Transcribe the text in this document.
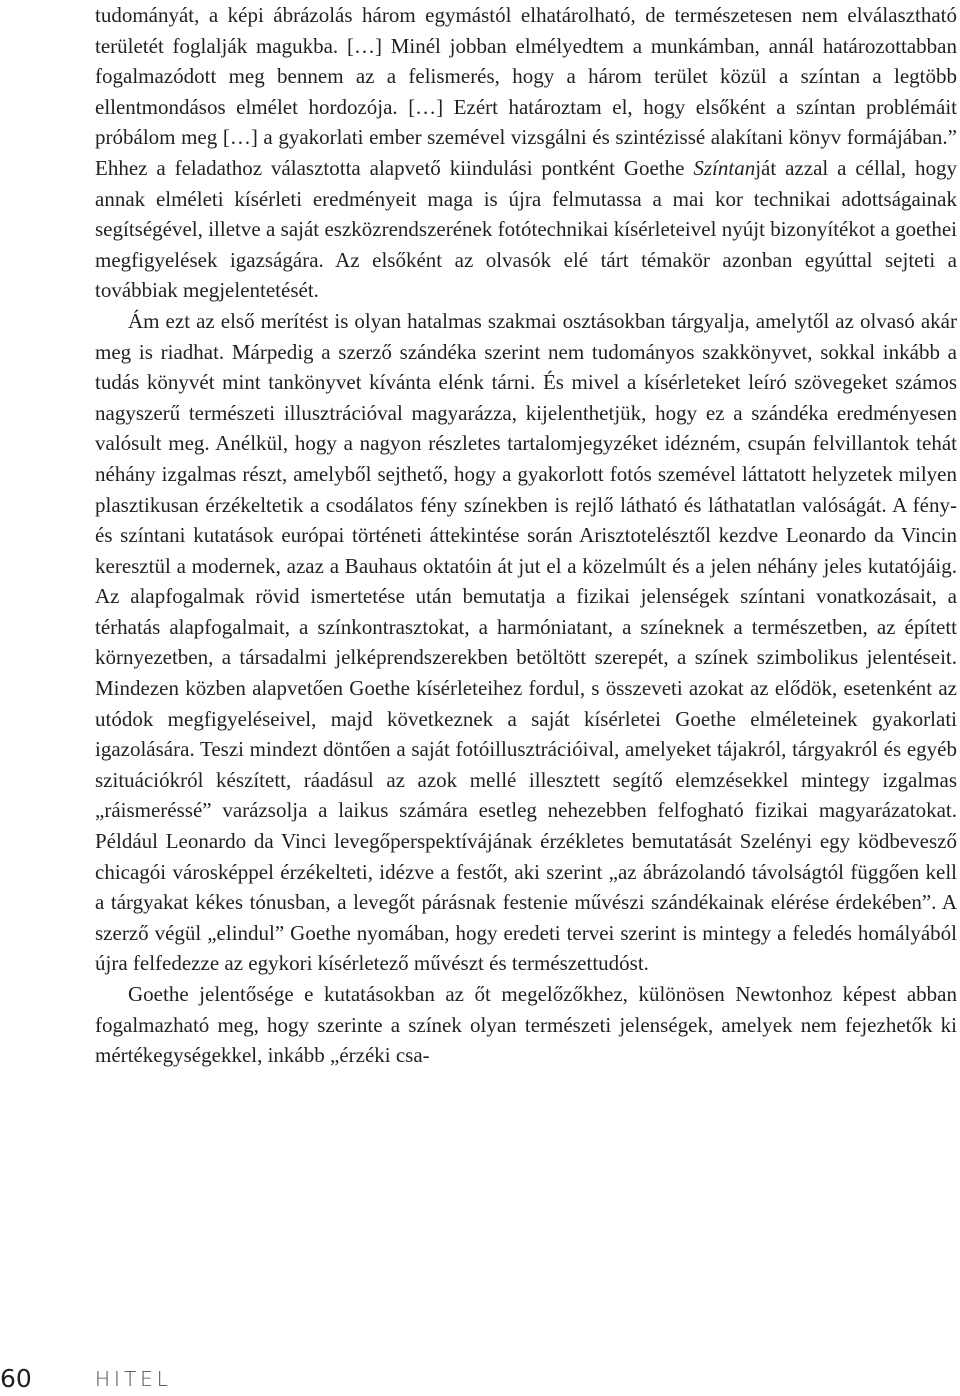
tudományát, a képi ábrázolás három egymástól elhatárolható, de természetesen nem elválasztható területét foglalják magukba. […] Minél jobban elmélyedtem a munkámban, annál határozottabban fogalmazódott meg bennem az a felismerés, hogy a három terület közül a színtan a legtöbb ellentmondásos elmélet hordozója. […] Ezért határoztam el, hogy elsőként a színtan problémáit próbálom meg […] a gyakorlati ember szemével vizsgálni és szintézissé alakítani könyv formájában.” Ehhez a feladathoz választotta alapvető kiindulási pontként Goethe Színtanját azzal a céllal, hogy annak elméleti kísérleti eredményeit maga is újra felmutassa a mai kor technikai adottságainak segítségével, illetve a saját eszközrendszerének fotótechnikai kísérleteivel nyújt bizonyítékot a goethei megfigyelések igazságára. Az elsőként az olvasók elé tárt témakör azonban egyúttal sejteti a továbbiak megjelentetését.

Ám ezt az első merítést is olyan hatalmas szakmai osztásokban tárgyalja, amelytől az olvasó akár meg is riadhat. Márpedig a szerző szándéka szerint nem tudományos szakkönyvet, sokkal inkább a tudás könyvét mint tankönyvet kívánta elénk tárni. És mivel a kísérleteket leíró szövegeket számos nagyszerű természeti illusztrációval magyarázza, kijelenthetjük, hogy ez a szándéka eredményesen valósult meg. Anélkül, hogy a nagyon részletes tartalomjegyzéket idézném, csupán felvillantok tehát néhány izgalmas részt, amelyből sejthető, hogy a gyakorlott fotós szemével láttatott helyzetek milyen plasztikusan érzékeltetik a csodálatos fény színekben is rejlő látható és láthatatlan valóságát. A fény- és színtani kutatások európai történeti áttekintése során Arisztotelésztől kezdve Leonardo da Vincin keresztül a modernek, azaz a Bauhaus oktatóin át jut el a közelmúlt és a jelen néhány jeles kutatójáig. Az alapfogalmak rövid ismertetése után bemutatja a fizikai jelenségek színtani vonatkozásait, a térhatás alapfogalmait, a színkontrasztokat, a harmóniatant, a színeknek a természetben, az épített környezetben, a társadalmi jelképrendszerekben betöltött szerepét, a színek szimbolikus jelentéseit. Mindezen közben alapvetően Goethe kísérleteihez fordul, s összeveti azokat az elődök, esetenként az utódok megfigyeléseivel, majd következnek a saját kísérletei Goethe elméleteinek gyakorlati igazolására. Teszi mindezt döntően a saját fotóillusztrációival, amelyeket tájakról, tárgyakról és egyéb szituációkról készített, ráadásul az azok mellé illesztett segítő elemzésekkel mintegy izgalmas „ráismeréssé” varázsolja a laikus számára esetleg nehezebben felfogható fizikai magyarázatokat. Például Leonardo da Vinci levegőperspektívájának érzékletes bemutatását Szelényi egy ködbevesző chicagói városképpel érzékelteti, idézve a festőt, aki szerint „az ábrázolandó távolságtól függően kell a tárgyakat kékes tónusban, a levegőt párásnak festenie művészi szándékainak elérése érdekében”. A szerző végül „elindul” Goethe nyomában, hogy eredeti tervei szerint is mintegy a feledés homályából újra felfedezze az egykori kísérletező művészt és természettudóst.

Goethe jelentősége e kutatásokban az őt megelőzőkhez, különösen Newtonhoz képest abban fogalmazható meg, hogy szerinte a színek olyan természeti jelenségek, amelyek nem fejezhetők ki mértékegységekkel, inkább „érzéki csa-

60	HITEL
